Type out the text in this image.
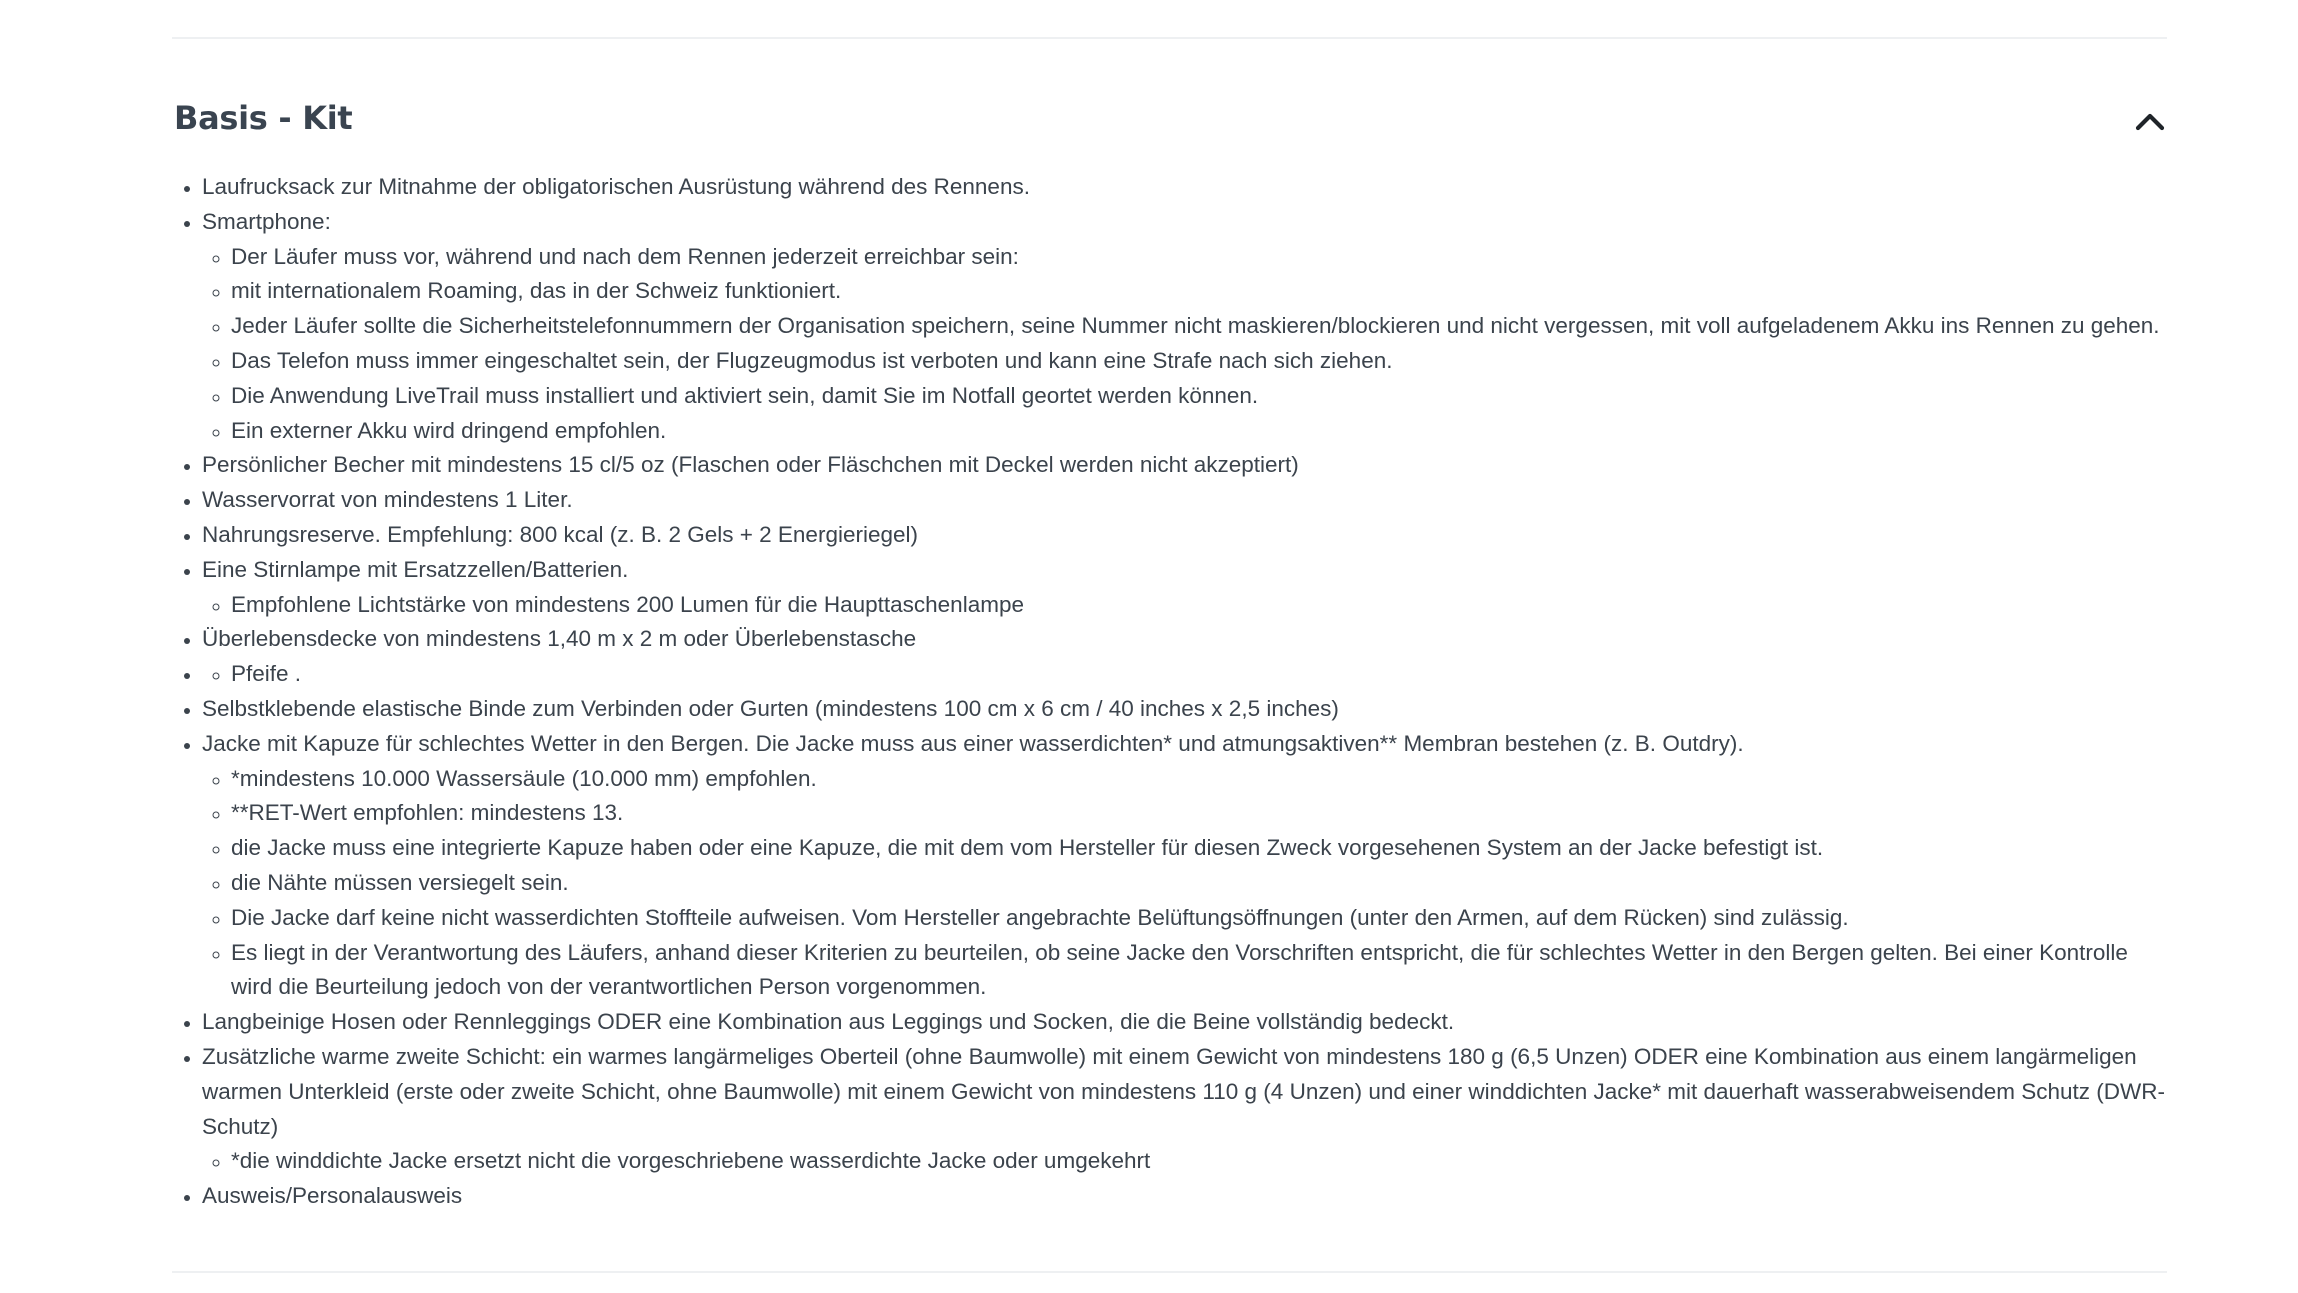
Basis - Kit
• Laufrucksack zur Mitnahme der obligatorischen Ausrüstung während des Rennens.
• Smartphone:
◦ Der Läufer muss vor, während und nach dem Rennen jederzeit erreichbar sein:
◦ mit internationalem Roaming, das in der Schweiz funktioniert.
◦ Jeder Läufer sollte die Sicherheitstelefonnummern der Organisation speichern, seine Nummer nicht maskieren/blockieren und nicht vergessen, mit voll aufgeladenem Akku ins Rennen zu gehen.
◦ Das Telefon muss immer eingeschaltet sein, der Flugzeugmodus ist verboten und kann eine Strafe nach sich ziehen.
◦ Die Anwendung LiveTrail muss installiert und aktiviert sein, damit Sie im Notfall geortet werden können.
◦ Ein externer Akku wird dringend empfohlen.
• Persönlicher Becher mit mindestens 15 cl/5 oz (Flaschen oder Fläschchen mit Deckel werden nicht akzeptiert)
• Wasservorrat von mindestens 1 Liter.
• Nahrungsreserve. Empfehlung: 800 kcal (z. B. 2 Gels + 2 Energieriegel)
• Eine Stirnlampe mit Ersatzzellen/Batterien.
◦ Empfohlene Lichtstärke von mindestens 200 Lumen für die Haupttaschenlampe
• Überlebensdecke von mindestens 1,40 m x 2 m oder Überlebenstasche
◦ • Pfeife .
• Selbstklebende elastische Binde zum Verbinden oder Gurten (mindestens 100 cm x 6 cm / 40 inches x 2,5 inches)
• Jacke mit Kapuze für schlechtes Wetter in den Bergen. Die Jacke muss aus einer wasserdichten* und atmungsaktiven** Membran bestehen (z. B. Outdry).
◦ *mindestens 10.000 Wassersäule (10.000 mm) empfohlen.
◦ **RET-Wert empfohlen: mindestens 13.
◦ die Jacke muss eine integrierte Kapuze haben oder eine Kapuze, die mit dem vom Hersteller für diesen Zweck vorgesehenen System an der Jacke befestigt ist.
◦ die Nähte müssen versiegelt sein.
◦ Die Jacke darf keine nicht wasserdichten Stoffteile aufweisen. Vom Hersteller angebrachte Belüftungsöffnungen (unter den Armen, auf dem Rücken) sind zulässig.
◦ Es liegt in der Verantwortung des Läufers, anhand dieser Kriterien zu beurteilen, ob seine Jacke den Vorschriften entspricht, die für schlechtes Wetter in den Bergen gelten. Bei einer Kontrolle wird die Beurteilung jedoch von der verantwortlichen Person vorgenommen.
• Langbeinige Hosen oder Rennleggings ODER eine Kombination aus Leggings und Socken, die die Beine vollständig bedeckt.
• Zusätzliche warme zweite Schicht: ein warmes langärmeliges Oberteil (ohne Baumwolle) mit einem Gewicht von mindestens 180 g (6,5 Unzen) ODER eine Kombination aus einem langärmeligen warmen Unterkleid (erste oder zweite Schicht, ohne Baumwolle) mit einem Gewicht von mindestens 110 g (4 Unzen) und einer winddichten Jacke* mit dauerhaft wasserabweisendem Schutz (DWR-Schutz)
◦ *die winddichte Jacke ersetzt nicht die vorgeschriebene wasserdichte Jacke oder umgekehrt
• Ausweis/Personalausweis
